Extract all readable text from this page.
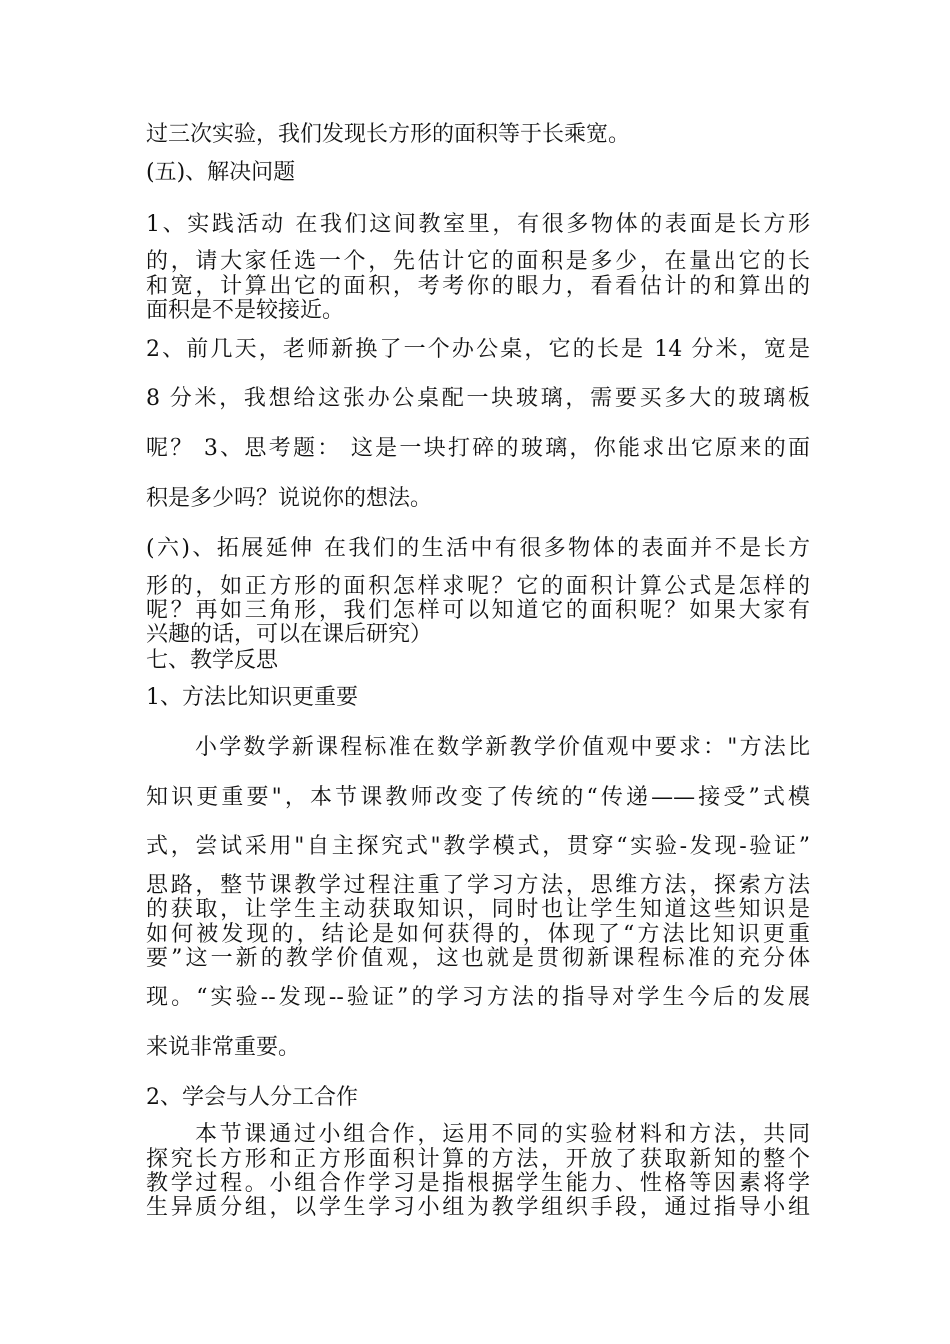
过三次实验，我们发现长方形的面积等于长乘宽。

(五)、解决问题

1、实践活动 在我们这间教室里，有很多物体的表面是长方形

的，请大家任选一个，先估计它的面积是多少，在量出它的长

和宽，计算出它的面积，考考你的眼力，看看估计的和算出的

面积是不是较接近。

2、前几天，老师新换了一个办公桌，它的长是 14 分米，宽是

8 分米，我想给这张办公桌配一块玻璃，需要买多大的玻璃板

呢？ 3、思考题： 这是一块打碎的玻璃，你能求出它原来的面

积是多少吗？说说你的想法。

(六)、拓展延伸 在我们的生活中有很多物体的表面并不是长方

形的，如正方形的面积怎样求呢？它的面积计算公式是怎样的

呢？再如三角形，我们怎样可以知道它的面积呢？如果大家有

兴趣的话，可以在课后研究）

七、教学反思

1、方法比知识更重要

小学数学新课程标准在数学新教学价值观中要求："方法比

知识更重要"，本节课教师改变了传统的“传递——接受”式模

式，尝试采用"自主探究式"教学模式，贯穿“实验-发现-验证”

思路，整节课教学过程注重了学习方法，思维方法，探索方法

的获取，让学生主动获取知识，同时也让学生知道这些知识是

如何被发现的，结论是如何获得的，体现了“方法比知识更重

要”这一新的教学价值观，这也就是贯彻新课程标准的充分体

现。“实验--发现--验证”的学习方法的指导对学生今后的发展

来说非常重要。

2、学会与人分工合作

本节课通过小组合作，运用不同的实验材料和方法，共同

探究长方形和正方形面积计算的方法，开放了获取新知的整个

教学过程。小组合作学习是指根据学生能力、性格等因素将学

生异质分组，以学生学习小组为教学组织手段，通过指导小组
